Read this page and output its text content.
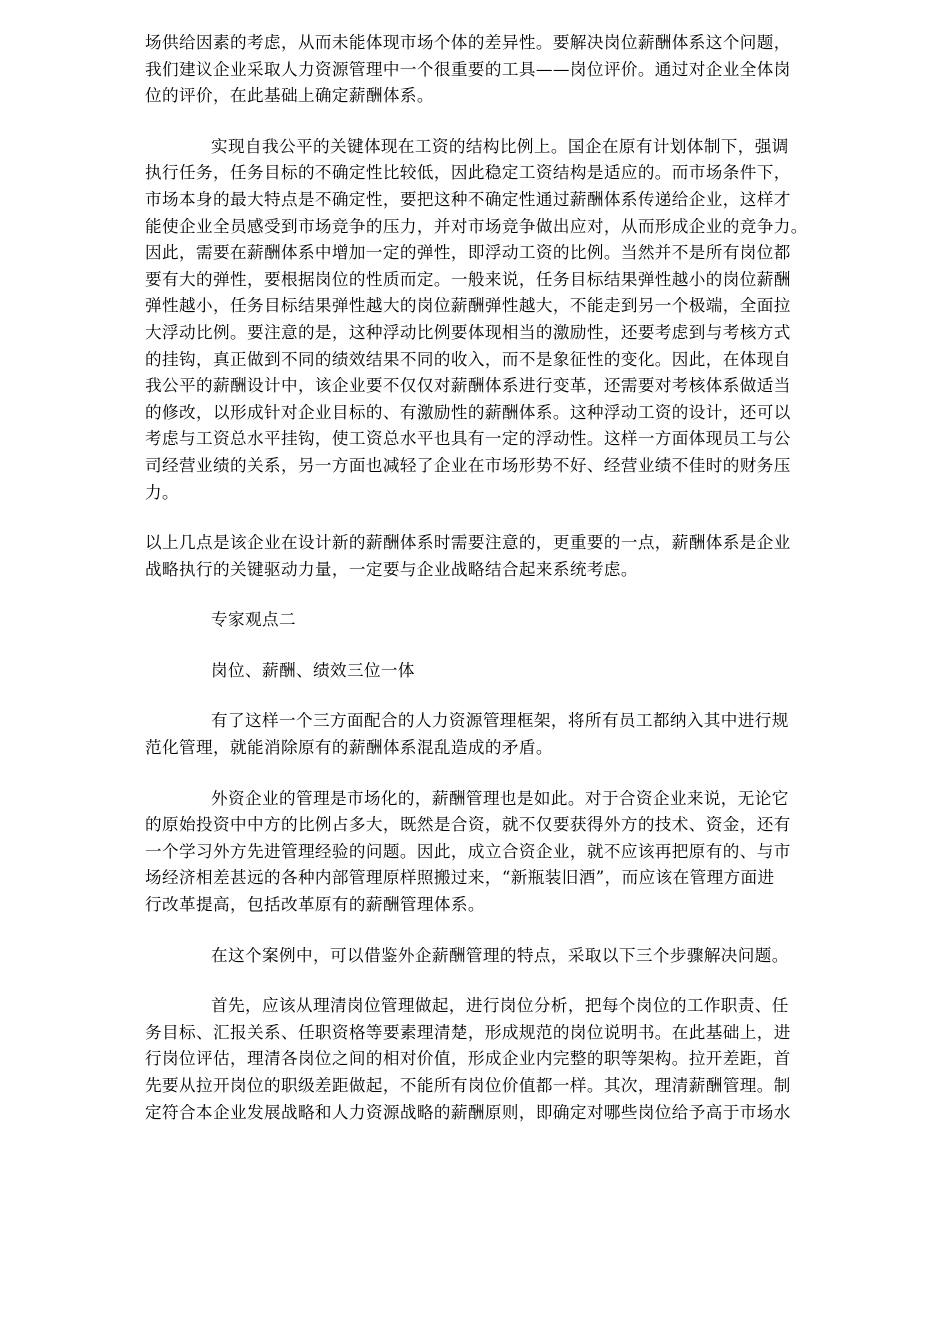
场供给因素的考虑，从而未能体现市场个体的差异性。要解决岗位薪酬体系这个问题，
我们建议企业采取人力资源管理中一个很重要的工具——岗位评价。通过对企业全体岗
位的评价，在此基础上确定薪酬体系。
实现自我公平的关键体现在工资的结构比例上。国企在原有计划体制下，强调
执行任务，任务目标的不确定性比较低，因此稳定工资结构是适应的。而市场条件下，
市场本身的最大特点是不确定性，要把这种不确定性通过薪酬体系传递给企业，这样才
能使企业全员感受到市场竞争的压力，并对市场竞争做出应对，从而形成企业的竞争力。
因此，需要在薪酬体系中增加一定的弹性，即浮动工资的比例。当然并不是所有岗位都
要有大的弹性，要根据岗位的性质而定。一般来说，任务目标结果弹性越小的岗位薪酬
弹性越小，任务目标结果弹性越大的岗位薪酬弹性越大，不能走到另一个极端，全面拉
大浮动比例。要注意的是，这种浮动比例要体现相当的激励性，还要考虑到与考核方式
的挂钩，真正做到不同的绩效结果不同的收入，而不是象征性的变化。因此，在体现自
我公平的薪酬设计中，该企业要不仅仅对薪酬体系进行变革，还需要对考核体系做适当
的修改，以形成针对企业目标的、有激励性的薪酬体系。这种浮动工资的设计，还可以
考虑与工资总水平挂钩，使工资总水平也具有一定的浮动性。这样一方面体现员工与公
司经营业绩的关系，另一方面也减轻了企业在市场形势不好、经营业绩不佳时的财务压
力。
以上几点是该企业在设计新的薪酬体系时需要注意的，更重要的一点，薪酬体系是企业
战略执行的关键驱动力量，一定要与企业战略结合起来系统考虑。
专家观点二
岗位、薪酬、绩效三位一体
有了这样一个三方面配合的人力资源管理框架，将所有员工都纳入其中进行规
范化管理，就能消除原有的薪酬体系混乱造成的矛盾。
外资企业的管理是市场化的，薪酬管理也是如此。对于合资企业来说，无论它
的原始投资中中方的比例占多大，既然是合资，就不仅要获得外方的技术、资金，还有
一个学习外方先进管理经验的问题。因此，成立合资企业，就不应该再把原有的、与市
场经济相差甚远的各种内部管理原样照搬过来，“新瓶装旧酒”，而应该在管理方面进
行改革提高，包括改革原有的薪酬管理体系。
在这个案例中，可以借鉴外企薪酬管理的特点，采取以下三个步骤解决问题。
首先，应该从理清岗位管理做起，进行岗位分析，把每个岗位的工作职责、任
务目标、汇报关系、任职资格等要素理清楚，形成规范的岗位说明书。在此基础上，进
行岗位评估，理清各岗位之间的相对价值，形成企业内完整的职等架构。拉开差距，首
先要从拉开岗位的职级差距做起，不能所有岗位价值都一样。其次，理清薪酬管理。制
定符合本企业发展战略和人力资源战略的薪酬原则，即确定对哪些岗位给予高于市场水
